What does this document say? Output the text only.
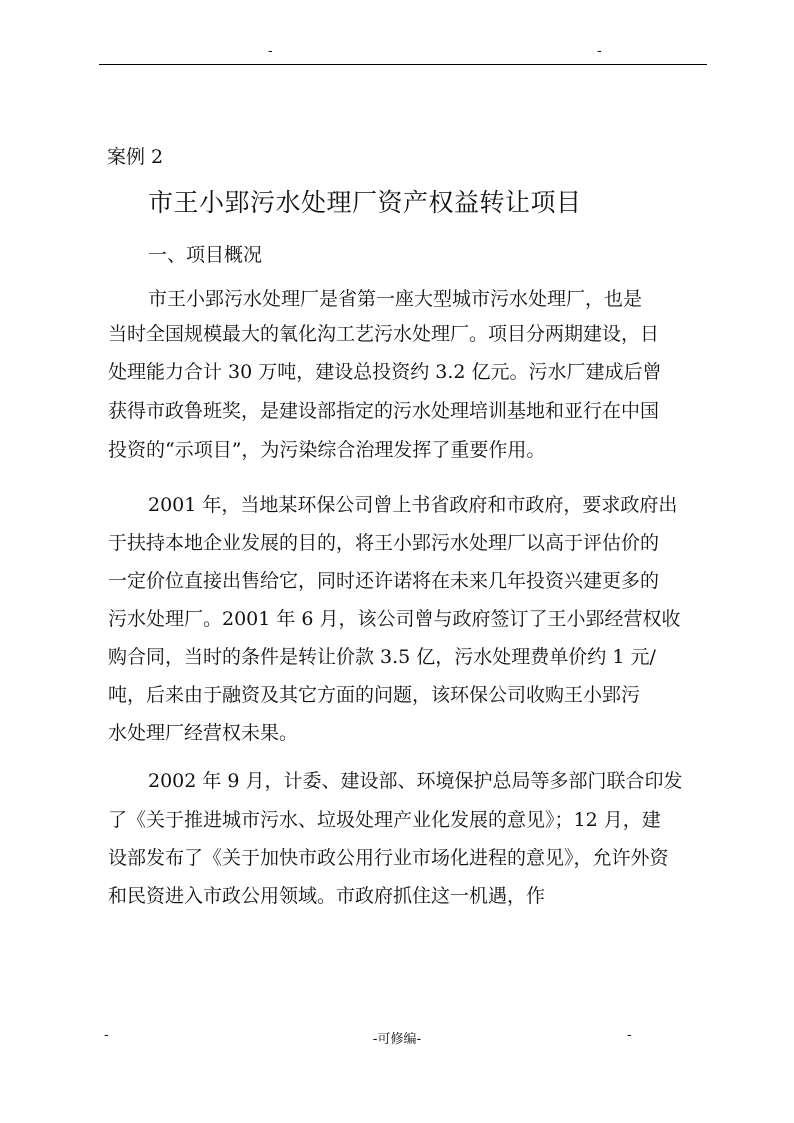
-	-
案例 2
市王小郢污水处理厂资产权益转让项目
一、项目概况
市王小郢污水处理厂是省第一座大型城市污水处理厂，也是
当时全国规模最大的氧化沟工艺污水处理厂。项目分两期建设，日
处理能力合计 30 万吨，建设总投资约 3.2 亿元。污水厂建成后曾
获得市政鲁班奖，是建设部指定的污水处理培训基地和亚行在中国
投资的“示项目”，为污染综合治理发挥了重要作用。
2001 年，当地某环保公司曾上书省政府和市政府，要求政府出
于扶持本地企业发展的目的，将王小郢污水处理厂以高于评估价的
一定价位直接出售给它，同时还许诺将在未来几年投资兴建更多的
污水处理厂。2001 年 6 月，该公司曾与政府签订了王小郢经营权收
购合同，当时的条件是转让价款 3.5 亿，污水处理费单价约 1 元/
吨，后来由于融资及其它方面的问题，该环保公司收购王小郢污
水处理厂经营权未果。
2002 年 9 月，计委、建设部、环境保护总局等多部门联合印发
了《关于推进城市污水、垃圾处理产业化发展的意见》；12 月，建
设部发布了《关于加快市政公用行业市场化进程的意见》，允许外资
和民资进入市政公用领域。市政府抓住这一机遇，作
-	-可修编-	-
